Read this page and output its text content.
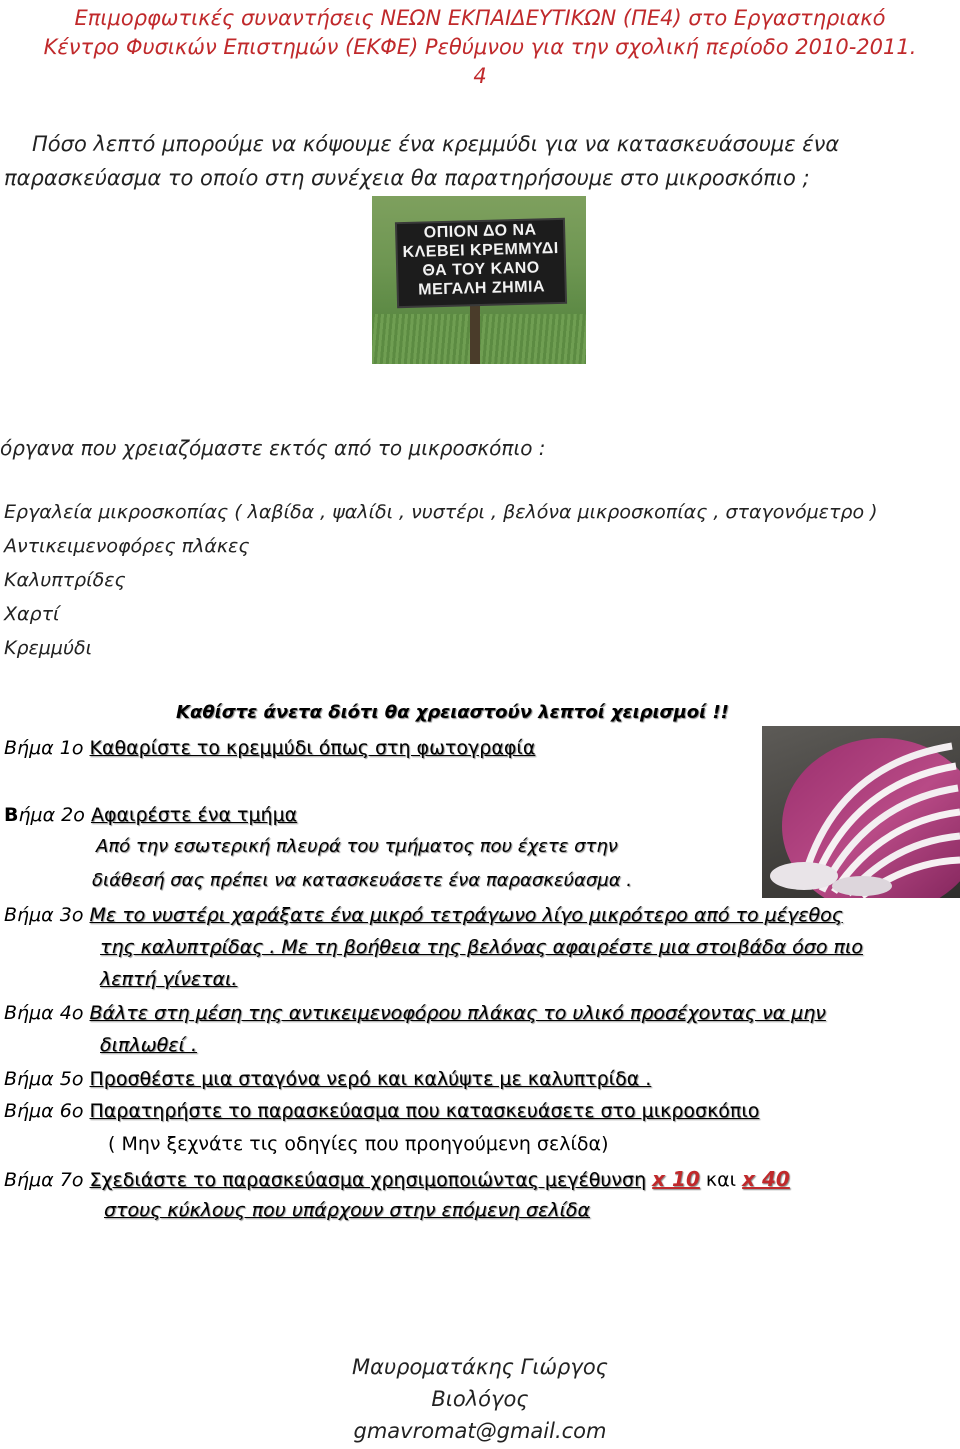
Επιμορφωτικές συναντήσεις ΝΕΩΝ ΕΚΠΑΙΔΕΥΤΙΚΩΝ (ΠΕ4) στο Εργαστηριακό
Κέντρο Φυσικών Επιστημών (ΕΚΦΕ) Ρεθύμνου για την σχολική περίοδο 2010-2011.
4
Πόσο λεπτό μπορούμε να κόψουμε ένα κρεμμύδι για να κατασκευάσουμε ένα
παρασκεύασμα το οποίο στη συνέχεια θα παρατηρήσουμε στο μικροσκόπιο ;
ΟΠΙΟΝ ΔΟ ΝΑ
ΚΛΕΒΕΙ ΚΡΕΜΜΥΔΙ
ΘΑ ΤΟΥ ΚΑΝΟ
ΜΕΓΑΛΗ ΖΗΜΙΑ
όργανα που χρειαζόμαστε εκτός από το μικροσκόπιο :
Εργαλεία μικροσκοπίας ( λαβίδα , ψαλίδι , νυστέρι , βελόνα μικροσκοπίας , σταγονόμετρο )
Αντικειμενοφόρες πλάκες
Καλυπτρίδες
Χαρτί
Κρεμμύδι
Καθίστε άνετα διότι θα χρειαστούν λεπτοί χειρισμοί !!
Βήμα 1ο Καθαρίστε το κρεμμύδι όπως στη φωτογραφία
Βήμα 2ο Αφαιρέστε ένα τμήμα
Από την εσωτερική πλευρά του τμήματος που έχετε στην
διάθεσή σας πρέπει να κατασκευάσετε ένα παρασκεύασμα .
Βήμα 3ο Με το νυστέρι χαράξατε ένα μικρό τετράγωνο λίγο μικρότερο από το μέγεθος
της καλυπτρίδας . Με τη βοήθεια της βελόνας αφαιρέστε μια στοιβάδα όσο πιο
λεπτή γίνεται.
Βήμα 4ο Βάλτε στη μέση της αντικειμενοφόρου πλάκας το υλικό προσέχοντας να μην
διπλωθεί .
Βήμα 5ο Προσθέστε μια σταγόνα νερό και καλύψτε με καλυπτρίδα .
Βήμα 6ο Παρατηρήστε το παρασκεύασμα που κατασκευάσετε στο μικροσκόπιο
( Μην ξεχνάτε τις οδηγίες που προηγούμενη σελίδα)
Βήμα 7ο Σχεδιάστε το παρασκεύασμα χρησιμοποιώντας μεγέθυνση x 10 και x 40
στους κύκλους που υπάρχουν στην επόμενη σελίδα
Μαυροματάκης Γιώργος
Βιολόγος
gmavromat@gmail.com
